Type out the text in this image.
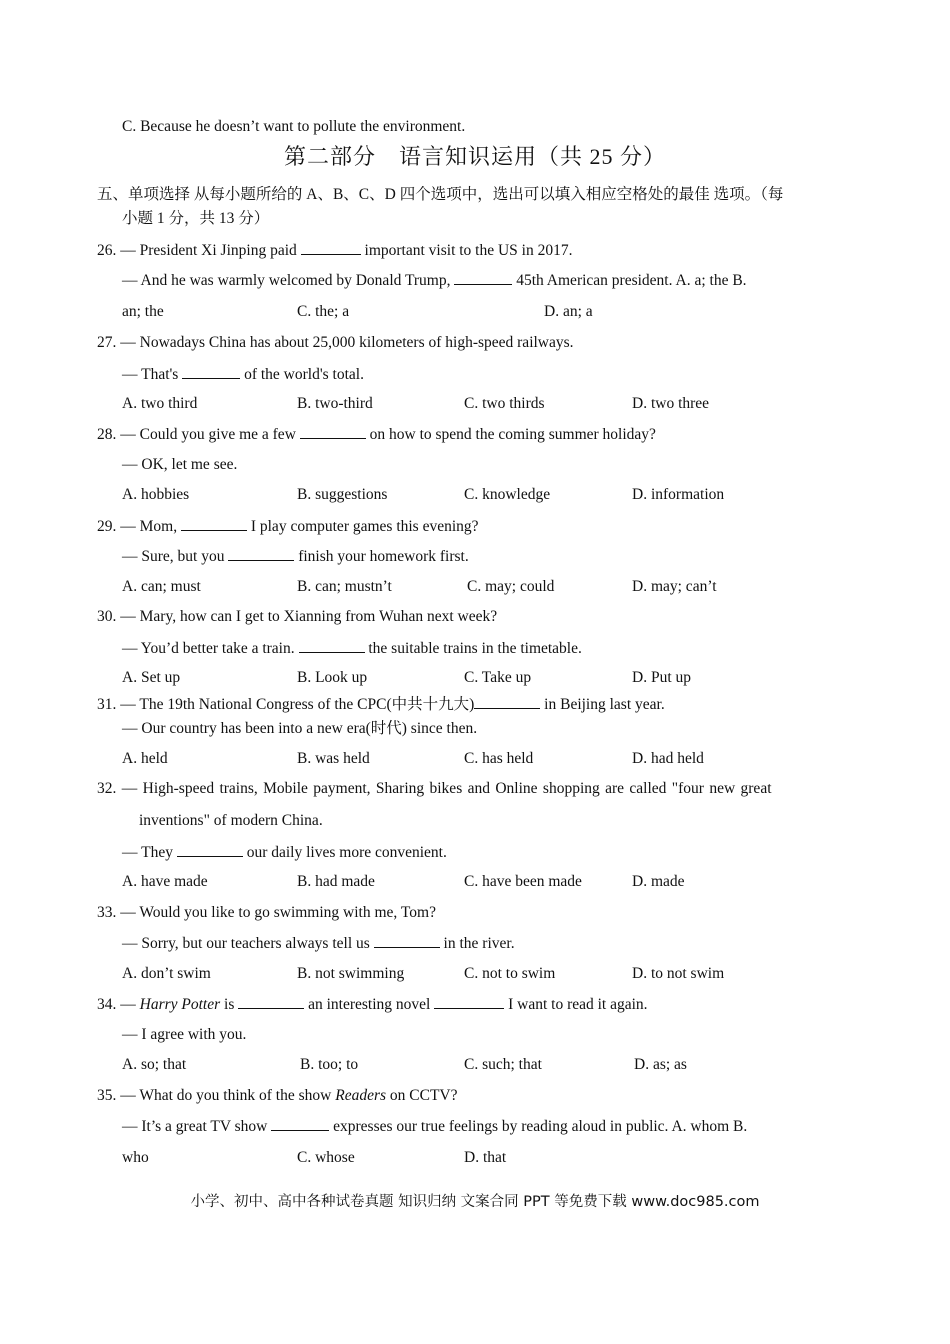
C. Because he doesn’t want to pollute the environment.
第二部分　语言知识运用（共 25 分）
五、单项选择 从每小题所给的 A、B、C、D 四个选项中，选出可以填入相应空格处的最佳 选项。（每
小题 1 分，共 13 分）
26. — President Xi Jinping paid	important visit to the US in 2017.
— And he was warmly welcomed by Donald Trump,	45th American president. A. a; the B.
an; the	C. the; a	D. an; a
27. — Nowadays China has about 25,000 kilometers of high-speed railways.
— That's	of the world's total.
A. two third	B. two-third	C. two thirds	D. two three
28. — Could you give me a few	on how to spend the coming summer holiday?
— OK, let me see.
A. hobbies	B. suggestions	C. knowledge	D. information
29. — Mom,	I play computer games this evening?
— Sure, but you	finish your homework first.
A. can; must	B. can; mustn’t	C. may; could	D. may; can’t
30. — Mary, how can I get to Xianning from Wuhan next week?
— You’d better take a train.	the suitable trains in the timetable.
A. Set up	B. Look up	C. Take up	D. Put up
31. — The 19th National Congress of the CPC(中共十九大)	in Beijing last year.
— Our country has been into a new era(时代) since then.
A. held	B. was held	C. has held	D. had held
32. — High-speed trains, Mobile payment, Sharing bikes and Online shopping are called "four new great
inventions" of modern China.
— They	our daily lives more convenient.
A. have made	B. had made	C. have been made	D. made
33. — Would you like to go swimming with me, Tom?
— Sorry, but our teachers always tell us	in the river.
A. don’t swim	B. not swimming	C. not to swim	D. to not swim
34. — Harry Potter is	an interesting novel	I want to read it again.
— I agree with you.
A. so; that	B. too; to	C. such; that	D. as; as
35. — What do you think of the show Readers on CCTV?
— It’s a great TV show	expresses our true feelings by reading aloud in public. A. whom B.
who	C. whose	D. that
小学、初中、高中各种试卷真题 知识归纳 文案合同 PPT 等免费下载 www.doc985.com
